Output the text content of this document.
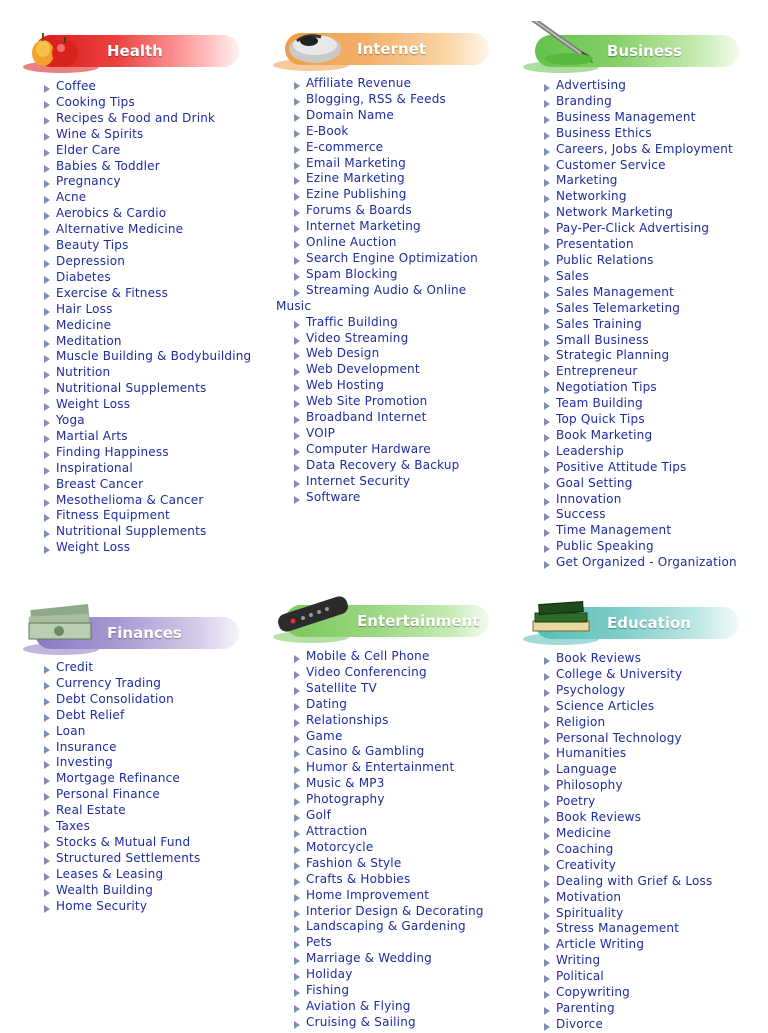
Health
Coffee
Cooking Tips
Recipes & Food and Drink
Wine & Spirits
Elder Care
Babies & Toddler
Pregnancy
Acne
Aerobics & Cardio
Alternative Medicine
Beauty Tips
Depression
Diabetes
Exercise & Fitness
Hair Loss
Medicine
Meditation
Muscle Building & Bodybuilding
Nutrition
Nutritional Supplements
Weight Loss
Yoga
Martial Arts
Finding Happiness
Inspirational
Breast Cancer
Mesothelioma & Cancer
Fitness Equipment
Nutritional Supplements
Weight Loss
Internet
Affiliate Revenue
Blogging, RSS & Feeds
Domain Name
E-Book
E-commerce
Email Marketing
Ezine Marketing
Ezine Publishing
Forums & Boards
Internet Marketing
Online Auction
Search Engine Optimization
Spam Blocking
Streaming Audio & Online
Music
Traffic Building
Video Streaming
Web Design
Web Development
Web Hosting
Web Site Promotion
Broadband Internet
VOIP
Computer Hardware
Data Recovery & Backup
Internet Security
Software
Business
Advertising
Branding
Business Management
Business Ethics
Careers, Jobs & Employment
Customer Service
Marketing
Networking
Network Marketing
Pay-Per-Click Advertising
Presentation
Public Relations
Sales
Sales Management
Sales Telemarketing
Sales Training
Small Business
Strategic Planning
Entrepreneur
Negotiation Tips
Team Building
Top Quick Tips
Book Marketing
Leadership
Positive Attitude Tips
Goal Setting
Innovation
Success
Time Management
Public Speaking
Get Organized - Organization
Finances
Credit
Currency Trading
Debt Consolidation
Debt Relief
Loan
Insurance
Investing
Mortgage Refinance
Personal Finance
Real Estate
Taxes
Stocks & Mutual Fund
Structured Settlements
Leases & Leasing
Wealth Building
Home Security
Entertainment
Mobile & Cell Phone
Video Conferencing
Satellite TV
Dating
Relationships
Game
Casino & Gambling
Humor & Entertainment
Music & MP3
Photography
Golf
Attraction
Motorcycle
Fashion & Style
Crafts & Hobbies
Home Improvement
Interior Design & Decorating
Landscaping & Gardening
Pets
Marriage & Wedding
Holiday
Fishing
Aviation & Flying
Cruising & Sailing
Education
Book Reviews
College & University
Psychology
Science Articles
Religion
Personal Technology
Humanities
Language
Philosophy
Poetry
Book Reviews
Medicine
Coaching
Creativity
Dealing with Grief & Loss
Motivation
Spirituality
Stress Management
Article Writing
Writing
Political
Copywriting
Parenting
Divorce
